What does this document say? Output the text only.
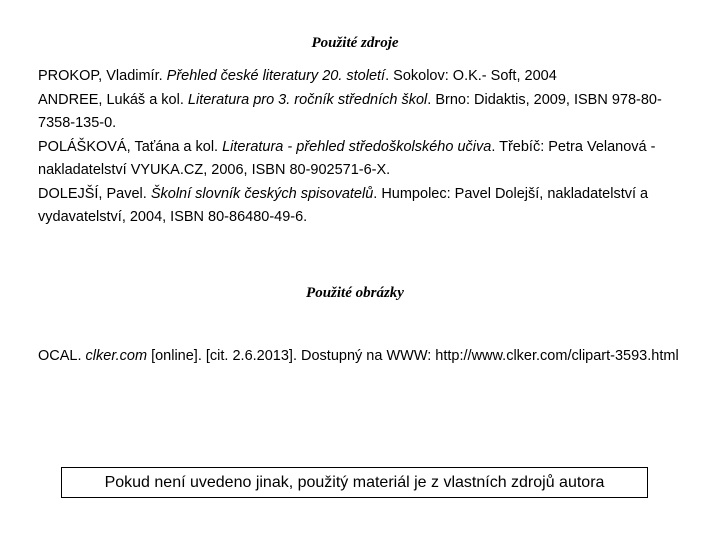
Použité zdroje
PROKOP, Vladimír. Přehled české literatury 20. století. Sokolov: O.K.- Soft, 2004
ANDREE, Lukáš a kol. Literatura pro 3. ročník středních škol. Brno: Didaktis, 2009, ISBN 978-80-7358-135-0.
POLÁŠKOVÁ, Taťána a kol. Literatura - přehled středoškolského učiva. Třebíč: Petra Velanová - nakladatelství VYUKA.CZ, 2006, ISBN 80-902571-6-X.
DOLEJŠÍ, Pavel. Školní slovník českých spisovatelů. Humpolec: Pavel Dolejší, nakladatelství a vydavatelství, 2004, ISBN 80-86480-49-6.
Použité obrázky
OCAL. clker.com [online]. [cit. 2.6.2013]. Dostupný na WWW: http://www.clker.com/clipart-3593.html
Pokud není uvedeno jinak, použitý materiál je z vlastních zdrojů autora
